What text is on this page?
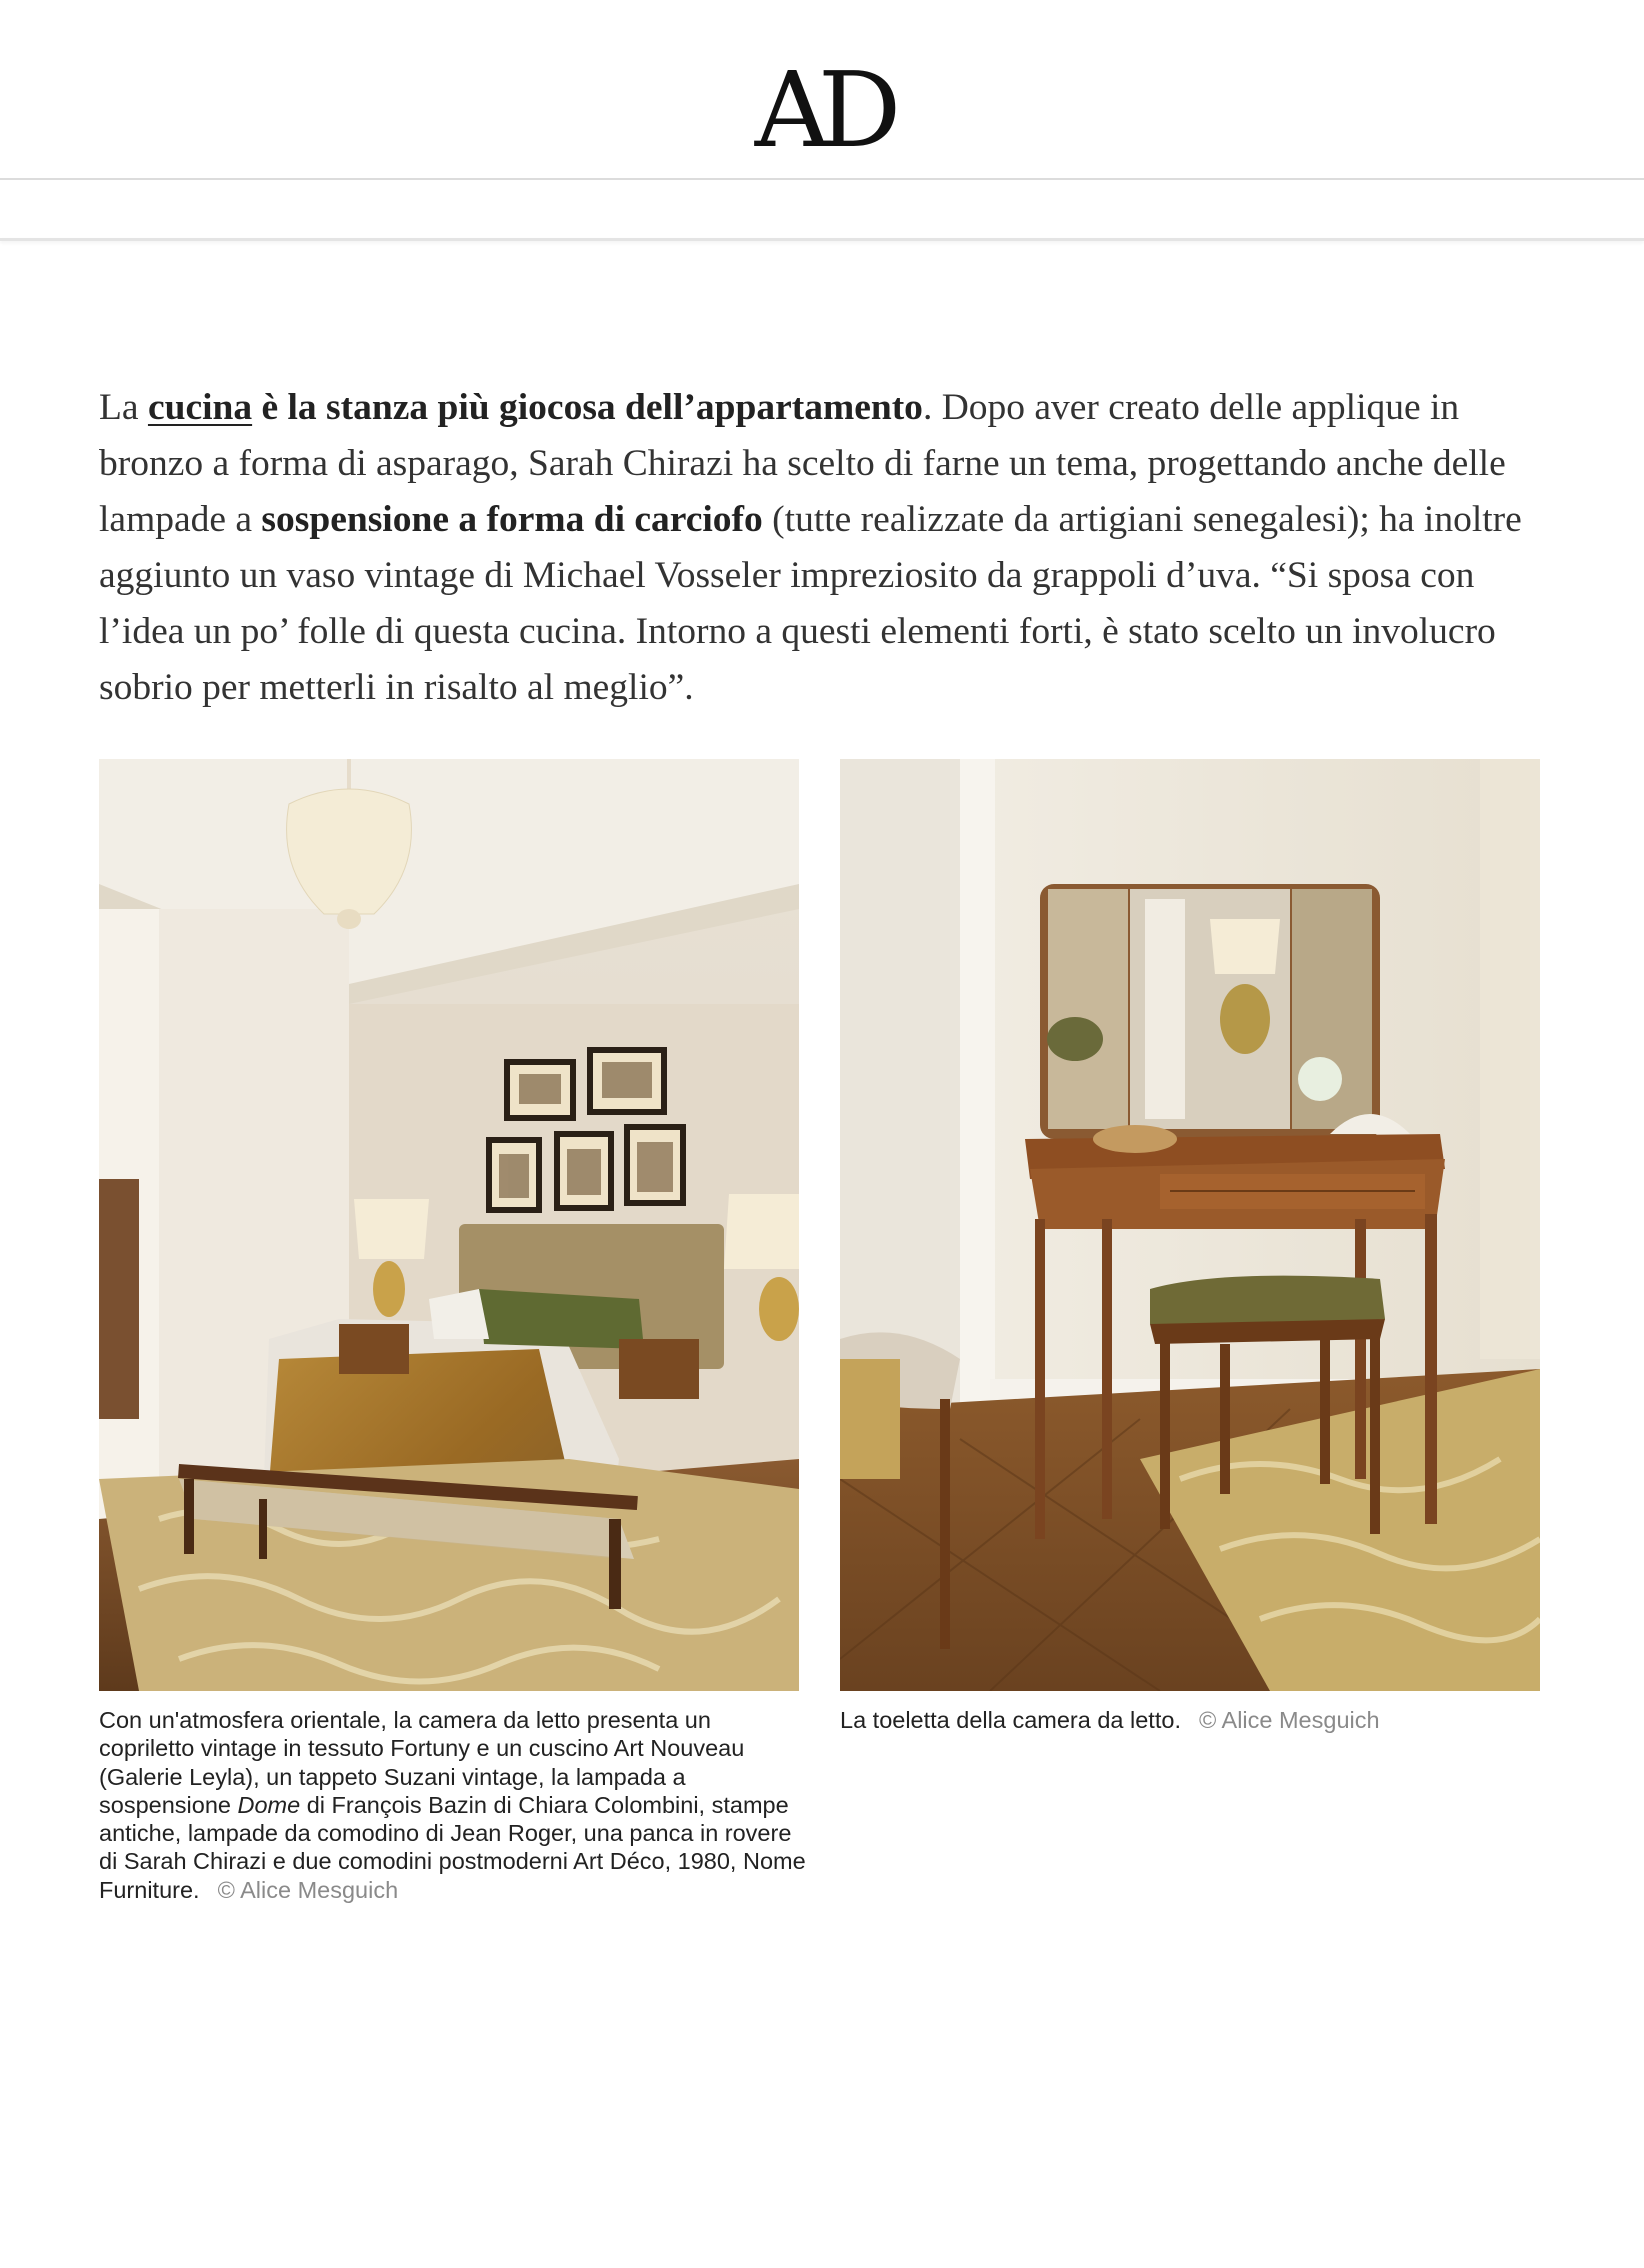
AD

La cucina è la stanza più giocosa dell’appartamento. Dopo aver creato delle applique in bronzo a forma di asparago, Sarah Chirazi ha scelto di farne un tema, progettando anche delle lampade a sospensione a forma di carciofo (tutte realizzate da artigiani senegalesi); ha inoltre aggiunto un vaso vintage di Michael Vosseler impreziosito da grappoli d’uva. “Si sposa con l’idea un po’ folle di questa cucina. Intorno a questi elementi forti, è stato scelto un involucro sobrio per metterli in risalto al meglio”.

Con un'atmosfera orientale, la camera da letto presenta un copriletto vintage in tessuto Fortuny e un cuscino Art Nouveau (Galerie Leyla), un tappeto Suzani vintage, la lampada a sospensione Dome di François Bazin di Chiara Colombini, stampe antiche, lampade da comodino di Jean Roger, una panca in rovere di Sarah Chirazi e due comodini postmoderni Art Déco, 1980, Nome Furniture. © Alice Mesguich
La toeletta della camera da letto. © Alice Mesguich
